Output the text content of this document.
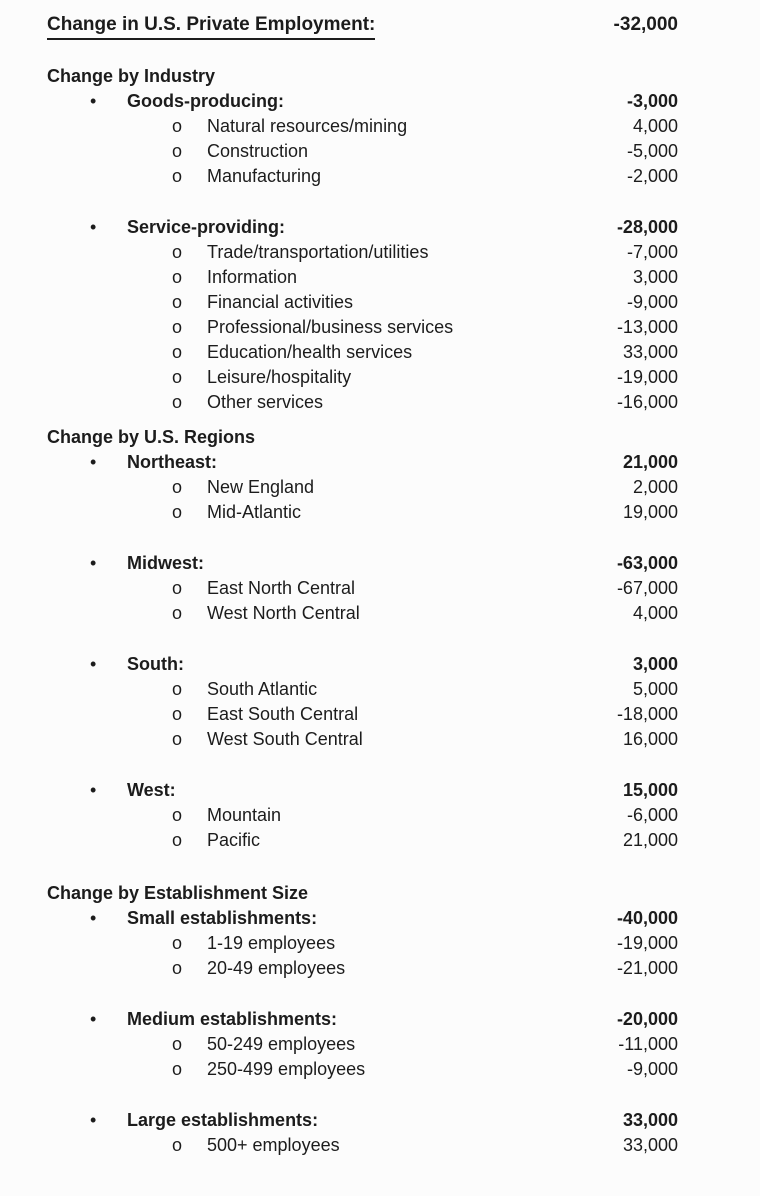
Change in U.S. Private Employment:	-32,000
Change by Industry
• Goods-producing:	-3,000
o Natural resources/mining	4,000
o Construction	-5,000
o Manufacturing	-2,000
• Service-providing:	-28,000
o Trade/transportation/utilities	-7,000
o Information	3,000
o Financial activities	-9,000
o Professional/business services	-13,000
o Education/health services	33,000
o Leisure/hospitality	-19,000
o Other services	-16,000
Change by U.S. Regions
• Northeast:	21,000
o New England	2,000
o Mid-Atlantic	19,000
• Midwest:	-63,000
o East North Central	-67,000
o West North Central	4,000
• South:	3,000
o South Atlantic	5,000
o East South Central	-18,000
o West South Central	16,000
• West:	15,000
o Mountain	-6,000
o Pacific	21,000
Change by Establishment Size
• Small establishments:	-40,000
o 1-19 employees	-19,000
o 20-49 employees	-21,000
• Medium establishments:	-20,000
o 50-249 employees	-11,000
o 250-499 employees	-9,000
• Large establishments:	33,000
o 500+ employees	33,000
